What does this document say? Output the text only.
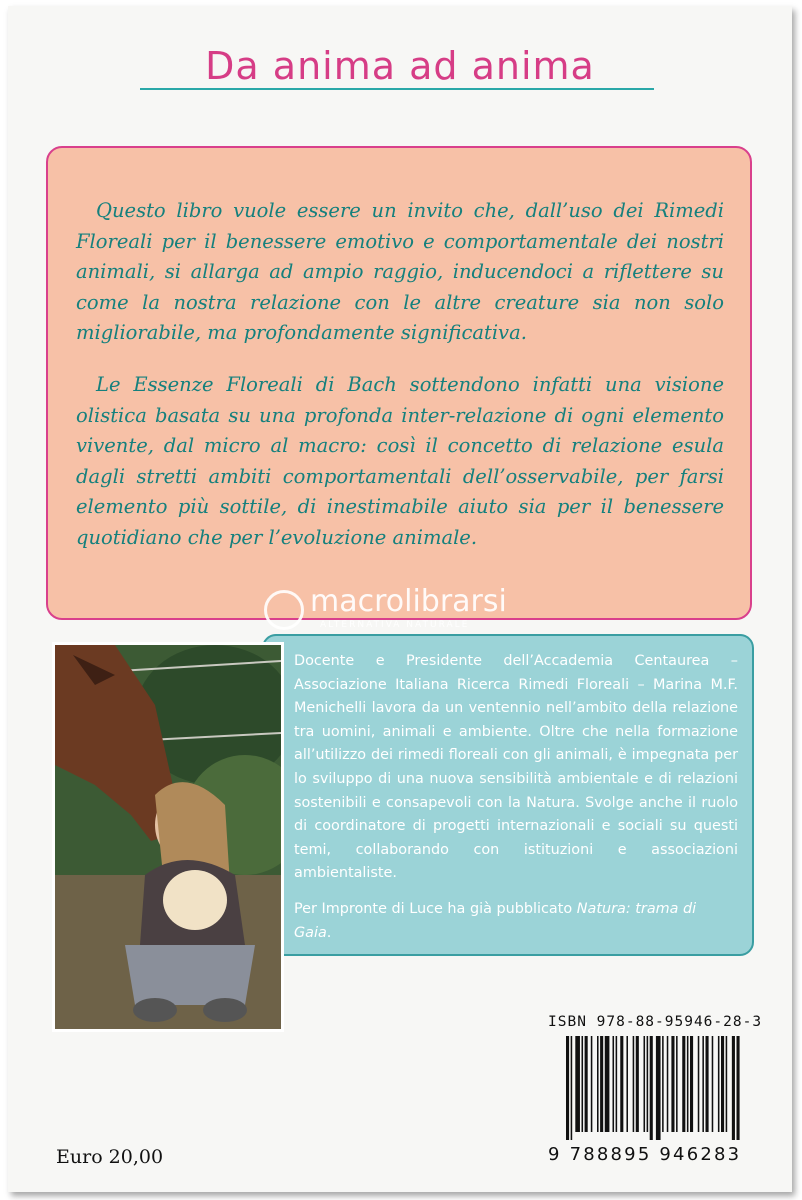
Da anima ad anima

Questo libro vuole essere un invito che, dall’uso dei Rimedi Floreali per il benessere emotivo e comportamentale dei nostri animali, si allarga ad ampio raggio, inducendoci a riflettere su come la nostra relazione con le altre creature sia non solo migliorabile, ma profondamente significativa.

Le Essenze Floreali di Bach sottendono infatti una visione olistica basata su una profonda inter-relazione di ogni elemento vivente, dal micro al macro: così il concetto di relazione esula dagli stretti ambiti comportamentali dell’osservabile, per farsi elemento più sottile, di inestimabile aiuto sia per il benessere quotidiano che per l’evoluzione animale.

macrolibrarsi
ALTERNATIVA NATURALE

Docente e Presidente dell’Accademia Centaurea – Associazione Italiana Ricerca Rimedi Floreali – Marina M.F. Menichelli lavora da un ventennio nell’ambito della relazione tra uomini, animali e ambiente. Oltre che nella formazione all’utilizzo dei rimedi floreali con gli animali, è impegnata per lo sviluppo di una nuova sensibilità ambientale e di relazioni sostenibili e consapevoli con la Natura. Svolge anche il ruolo di coordinatore di progetti internazionali e sociali su questi temi, collaborando con istituzioni e associazioni ambientaliste.

Per Impronte di Luce ha già pubblicato Natura: trama di Gaia.

ISBN 978-88-95946-28-3
9 788895 946283
Euro 20,00
